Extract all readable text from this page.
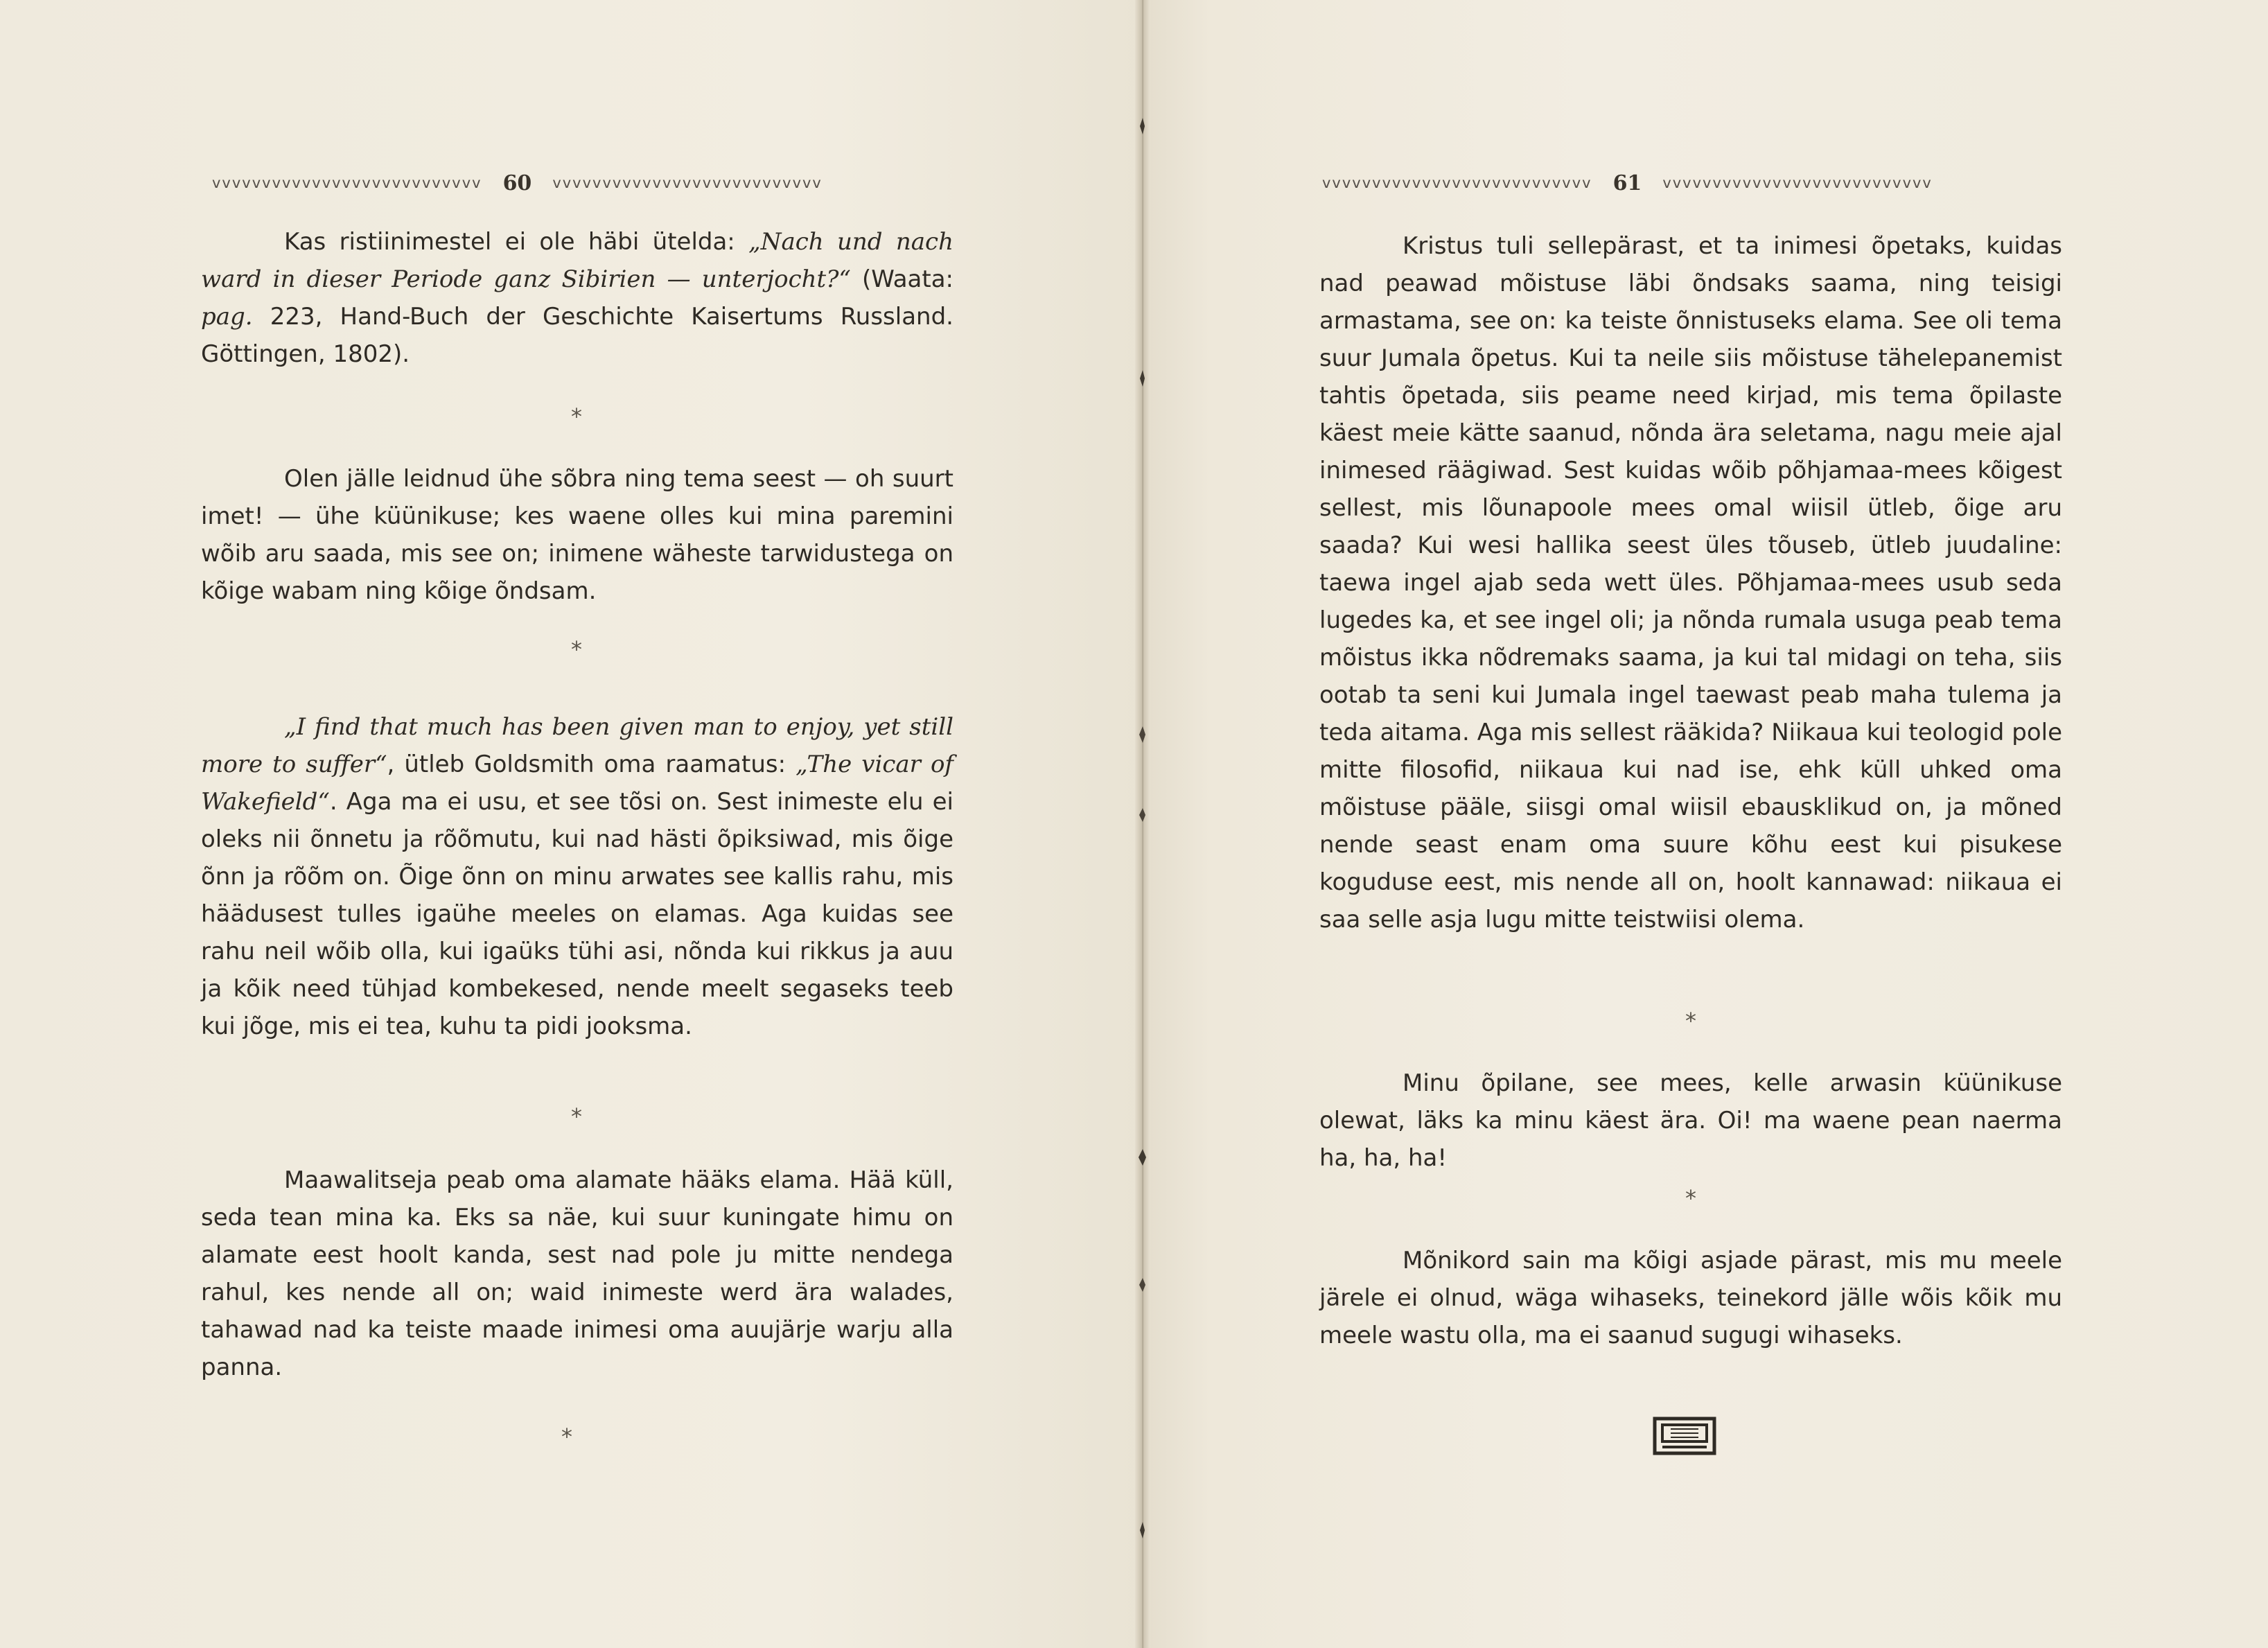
vvvvvvvvvvvvvvvvvvvvvvvvvvv 60 vvvvvvvvvvvvvvvvvvvvvvvvvvv

Kas ristiinimestel ei ole häbi ütelda: „Nach und nach ward in dieser Periode ganz Sibirien — unterjocht?“ (Waata: pag. 223, Hand-Buch der Geschichte Kaisertums Russland. Göttingen, 1802).

*

Olen jälle leidnud ühe sõbra ning tema seest — oh suurt imet! — ühe küünikuse; kes waene olles kui mina paremini wõib aru saada, mis see on; inimene wäheste tarwidustega on kõige wabam ning kõige õndsam.

*

„I find that much has been given man to enjoy, yet still more to suffer“, ütleb Goldsmith oma raamatus: „The vicar of Wakefield“. Aga ma ei usu, et see tõsi on. Sest inimeste elu ei oleks nii õnnetu ja rõõmutu, kui nad hästi õpiksiwad, mis õige õnn ja rõõm on. Õige õnn on minu arwates see kallis rahu, mis häädusest tulles igaühe meeles on elamas. Aga kuidas see rahu neil wõib olla, kui igaüks tühi asi, nõnda kui rikkus ja auu ja kõik need tühjad kombekesed, nende meelt segaseks teeb kui jõge, mis ei tea, kuhu ta pidi jooksma.

*

Maawalitseja peab oma alamate hääks elama. Hää küll, seda tean mina ka. Eks sa näe, kui suur kuningate himu on alamate eest hoolt kanda, sest nad pole ju mitte nendega rahul, kes nende all on; waid inimeste werd ära walades, tahawad nad ka teiste maade inimesi oma auujärje warju alla panna.

*
vvvvvvvvvvvvvvvvvvvvvvvvvvv 61 vvvvvvvvvvvvvvvvvvvvvvvvvvv

Kristus tuli sellepärast, et ta inimesi õpetaks, kuidas nad peawad mõistuse läbi õndsaks saama, ning teisigi armastama, see on: ka teiste õnnistuseks elama. See oli tema suur Jumala õpetus. Kui ta neile siis mõistuse tähelepanemist tahtis õpetada, siis peame need kirjad, mis tema õpilaste käest meie kätte saanud, nõnda ära seletama, nagu meie ajal inimesed räägiwad. Sest kuidas wõib põhjamaa-mees kõigest sellest, mis lõunapoole mees omal wiisil ütleb, õige aru saada? Kui wesi hallika seest üles tõuseb, ütleb juudaline: taewa ingel ajab seda wett üles. Põhjamaa-mees usub seda lugedes ka, et see ingel oli; ja nõnda rumala usuga peab tema mõistus ikka nõdremaks saama, ja kui tal midagi on teha, siis ootab ta seni kui Jumala ingel taewast peab maha tulema ja teda aitama. Aga mis sellest rääkida? Niikaua kui teologid pole mitte filosofid, niikaua kui nad ise, ehk küll uhked oma mõistuse pääle, siisgi omal wiisil ebausklikud on, ja mõned nende seast enam oma suure kõhu eest kui pisukese koguduse eest, mis nende all on, hoolt kannawad: niikaua ei saa selle asja lugu mitte teistwiisi olema.

*

Minu õpilane, see mees, kelle arwasin küünikuse olewat, läks ka minu käest ära. Oi! ma waene pean naerma ha, ha, ha!

*

Mõnikord sain ma kõigi asjade pärast, mis mu meele järele ei olnud, wäga wihaseks, teinekord jälle wõis kõik mu meele wastu olla, ma ei saanud sugugi wihaseks.
